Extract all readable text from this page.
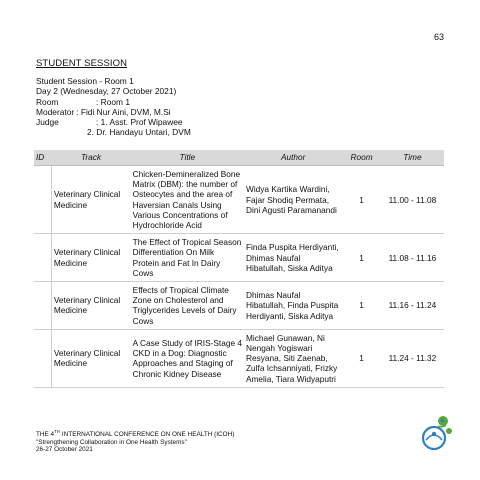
63
STUDENT SESSION
Student Session - Room 1
Day 2 (Wednesday, 27 October 2021)
Room	: Room 1
Moderator : Fidi Nur Aini, DVM, M.Si
Judge	: 1. Asst. Prof Wipawee
2. Dr. Handayu Untari, DVM
ID	Track	Title	Author	Room	Time
	Veterinary Clinical Medicine	Chicken-Demineralized Bone Matrix (DBM): the number of Osteocytes and the area of Haversian Canals Using Various Concentrations of Hydrochloride Acid	Widya Kartika Wardini, Fajar Shodiq Permata, Dini Agusti Paramanandi	1	11.00 - 11.08
	Veterinary Clinical Medicine	The Effect of Tropical Season Differentiation On Milk Protein and Fat In Dairy Cows	Finda Puspita Herdiyanti, Dhimas Naufal Hibatullah, Siska Aditya	1	11.08 - 11.16
	Veterinary Clinical Medicine	Effects of Tropical Climate Zone on Cholesterol and Triglycerides Levels of Dairy Cows	Dhimas Naufal Hibatullah, Finda Puspita Herdiyanti, Siska Aditya	1	11.16 - 11.24
	Veterinary Clinical Medicine	A Case Study of IRIS-Stage 4 CKD in a Dog: Diagnostic Approaches and Staging of Chronic Kidney Disease	Michael Gunawan, Ni Nengah Yogiswari Resyana, Siti Zaenab, Zulfa Ichsanniyati, Frizky Amelia, Tiara Widyaputri	1	11.24 - 11.32
THE 4TH INTERNATIONAL CONFERENCE ON ONE HEALTH (ICOH)
"Strengthening Collaboration in One Health Systems"
26-27 October 2021
